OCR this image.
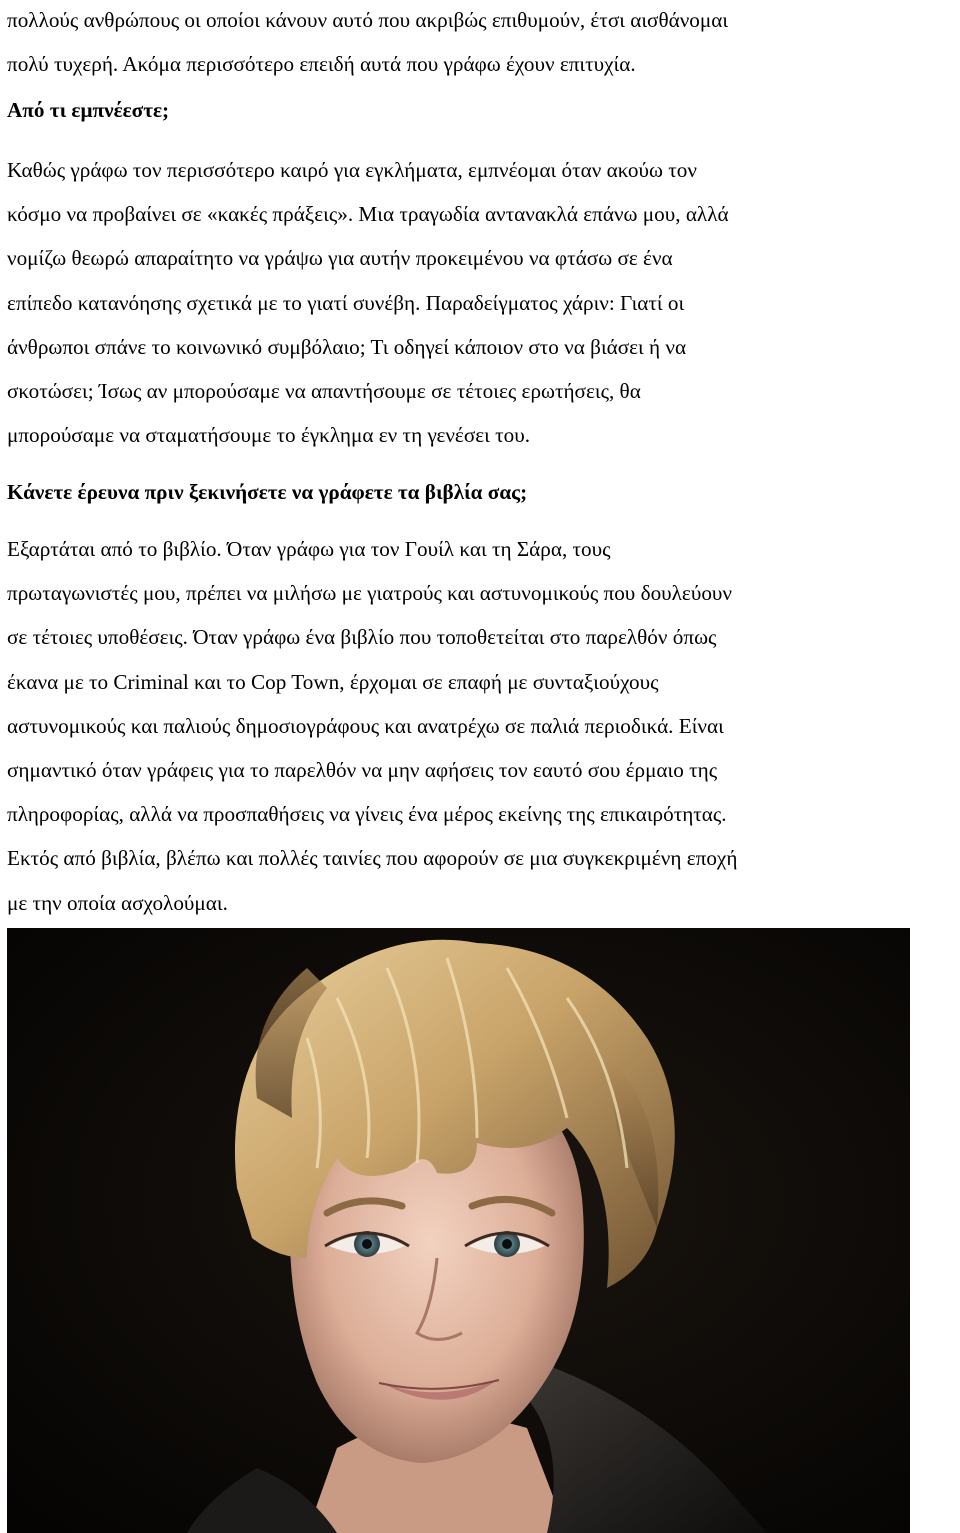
πολλούς ανθρώπους οι οποίοι κάνουν αυτό που ακριβώς επιθυμούν, έτσι αισθάνομαι
πολύ τυχερή. Ακόμα περισσότερο επειδή αυτά που γράφω έχουν επιτυχία.

Από τι εμπνέεστε;

Καθώς γράφω τον περισσότερο καιρό για εγκλήματα, εμπνέομαι όταν ακούω τον
κόσμο να προβαίνει σε «κακές πράξεις». Μια τραγωδία αντανακλά επάνω μου, αλλά
νομίζω θεωρώ απαραίτητο να γράψω για αυτήν προκειμένου να φτάσω σε ένα
επίπεδο κατανόησης σχετικά με το γιατί συνέβη. Παραδείγματος χάριν: Γιατί οι
άνθρωποι σπάνε το κοινωνικό συμβόλαιο; Τι οδηγεί κάποιον στο να βιάσει ή να
σκοτώσει; Ίσως αν μπορούσαμε να απαντήσουμε σε τέτοιες ερωτήσεις, θα
μπορούσαμε να σταματήσουμε το έγκλημα εν τη γενέσει του.

Κάνετε έρευνα πριν ξεκινήσετε να γράφετε τα βιβλία σας;

Εξαρτάται από το βιβλίο. Όταν γράφω για τον Γουίλ και τη Σάρα, τους
πρωταγωνιστές μου, πρέπει να μιλήσω με γιατρούς και αστυνομικούς που δουλεύουν
σε τέτοιες υποθέσεις. Όταν γράφω ένα βιβλίο που τοποθετείται στο παρελθόν όπως
έκανα με το Criminal και το Cop Town, έρχομαι σε επαφή με συνταξιούχους
αστυνομικούς και παλιούς δημοσιογράφους και ανατρέχω σε παλιά περιοδικά. Είναι
σημαντικό όταν γράφεις για το παρελθόν να μην αφήσεις τον εαυτό σου έρμαιο της
πληροφορίας, αλλά να προσπαθήσεις να γίνεις ένα μέρος εκείνης της επικαιρότητας.
Εκτός από βιβλία, βλέπω και πολλές ταινίες που αφορούν σε μια συγκεκριμένη εποχή
με την οποία ασχολούμαι.
